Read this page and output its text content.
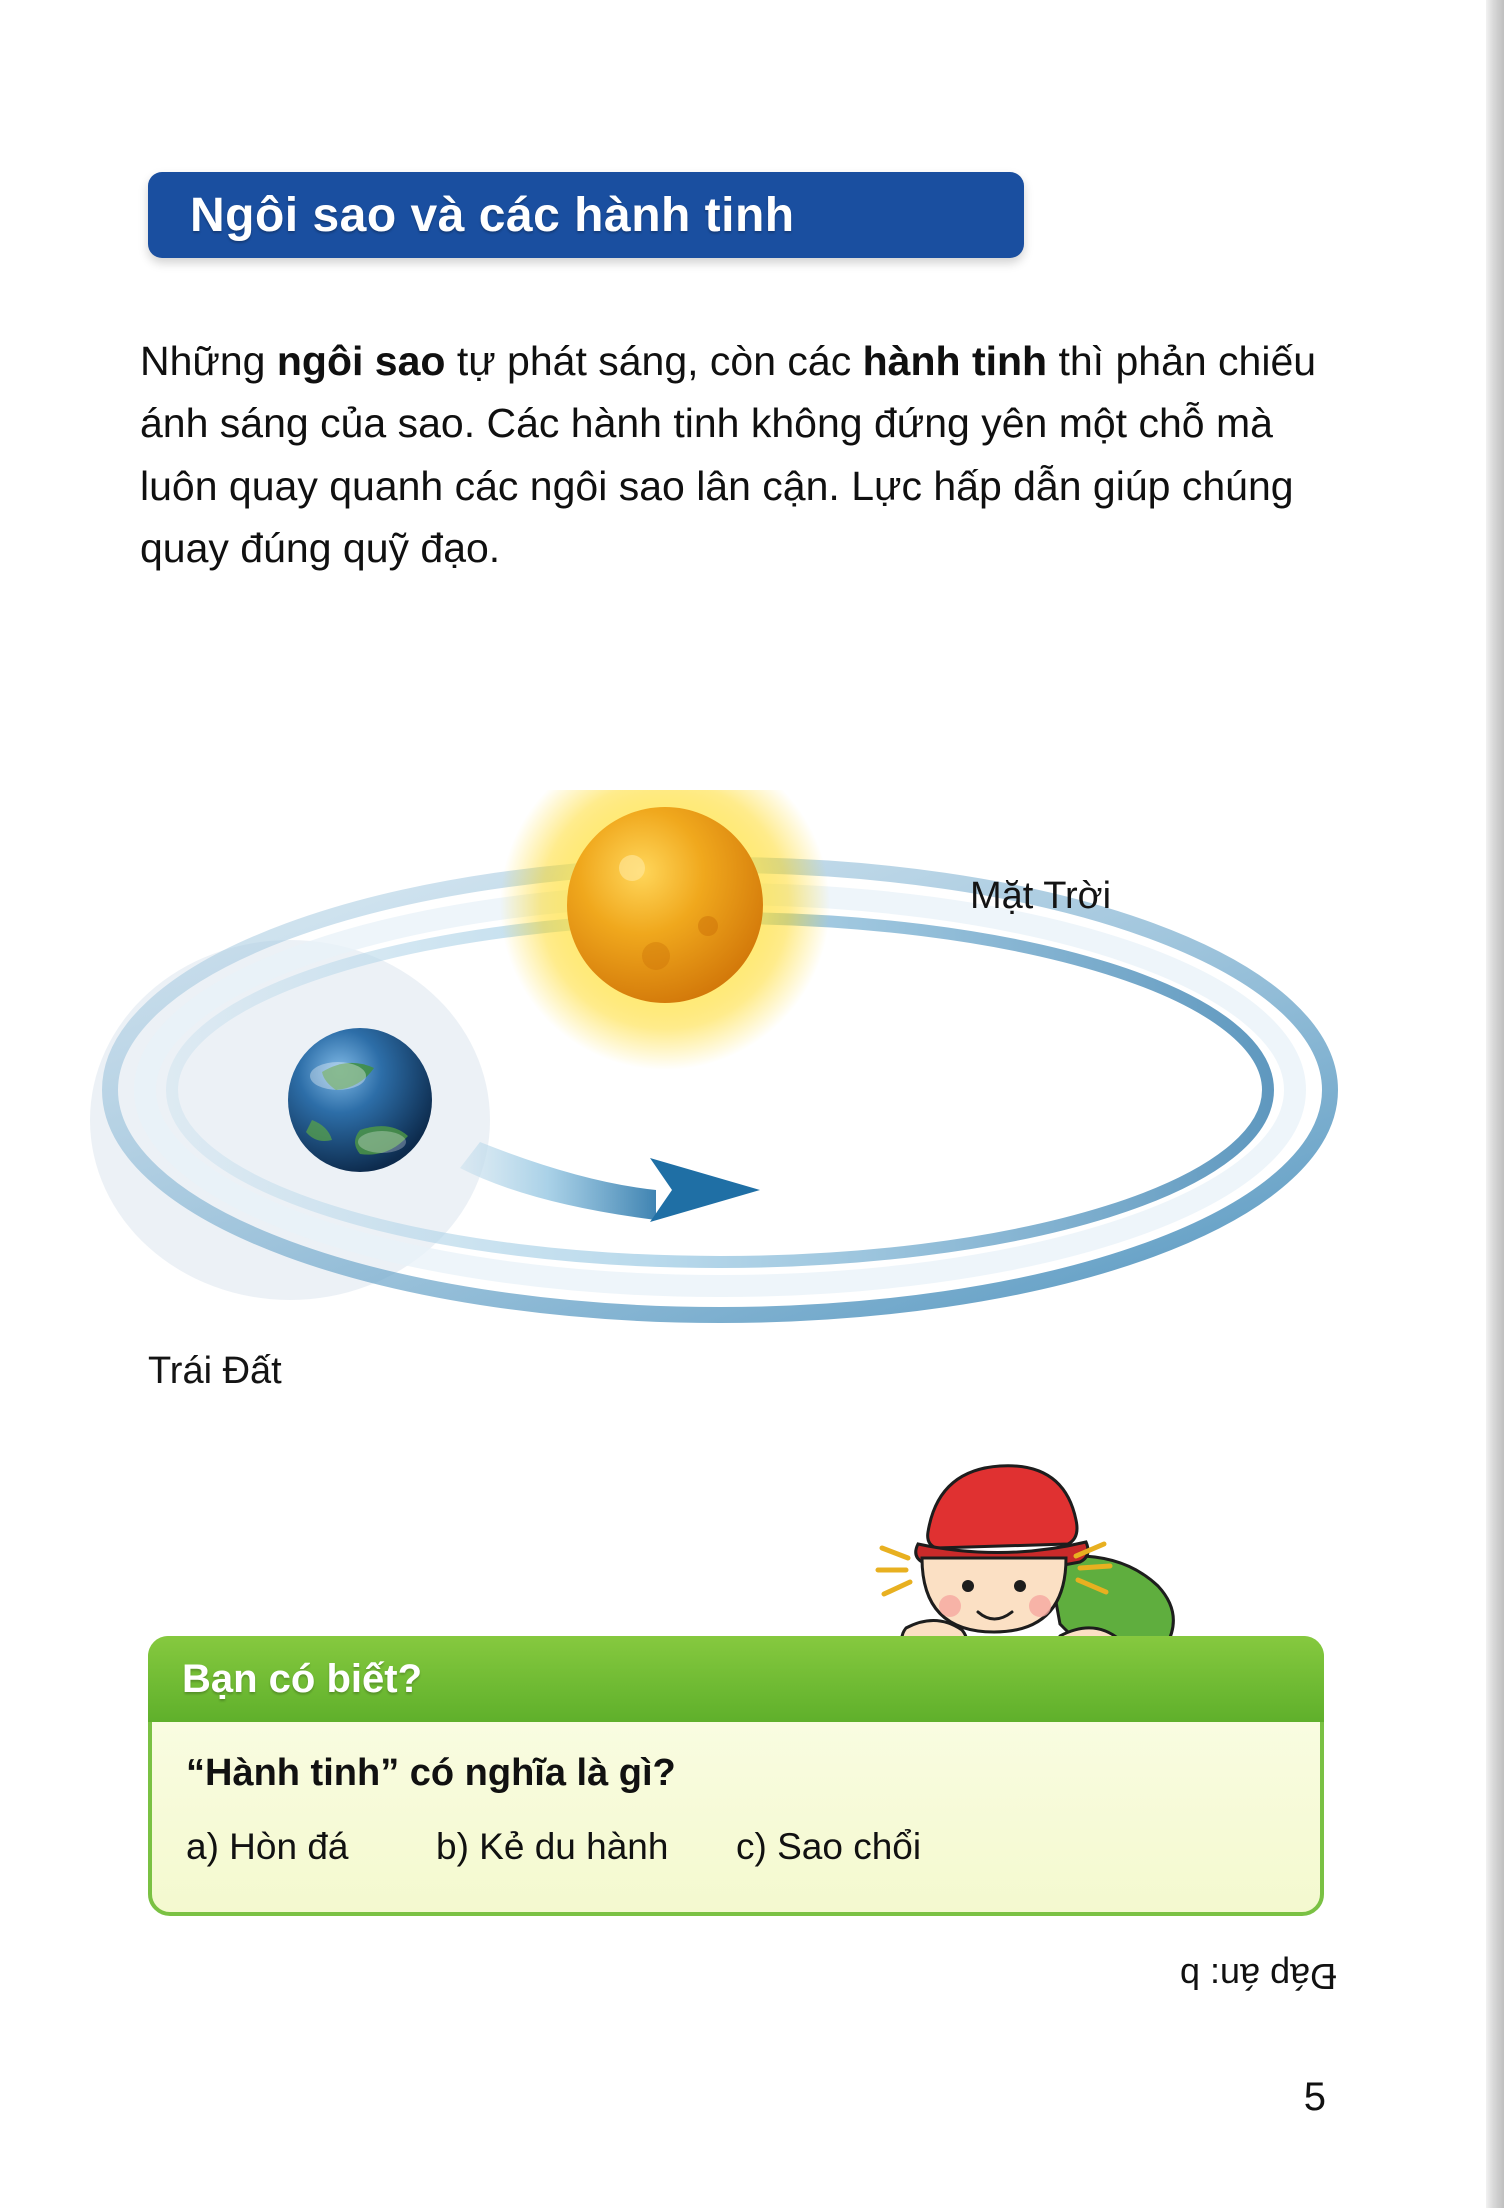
Ngôi sao và các hành tinh
Những ngôi sao tự phát sáng, còn các hành tinh thì phản chiếu ánh sáng của sao. Các hành tinh không đứng yên một chỗ mà luôn quay quanh các ngôi sao lân cận. Lực hấp dẫn giúp chúng quay đúng quỹ đạo.
Mặt Trời
Trái Đất
Bạn có biết?
“Hành tinh” có nghĩa là gì?
a) Hòn đá b) Kẻ du hành c) Sao chổi
Đáp án: b
5
